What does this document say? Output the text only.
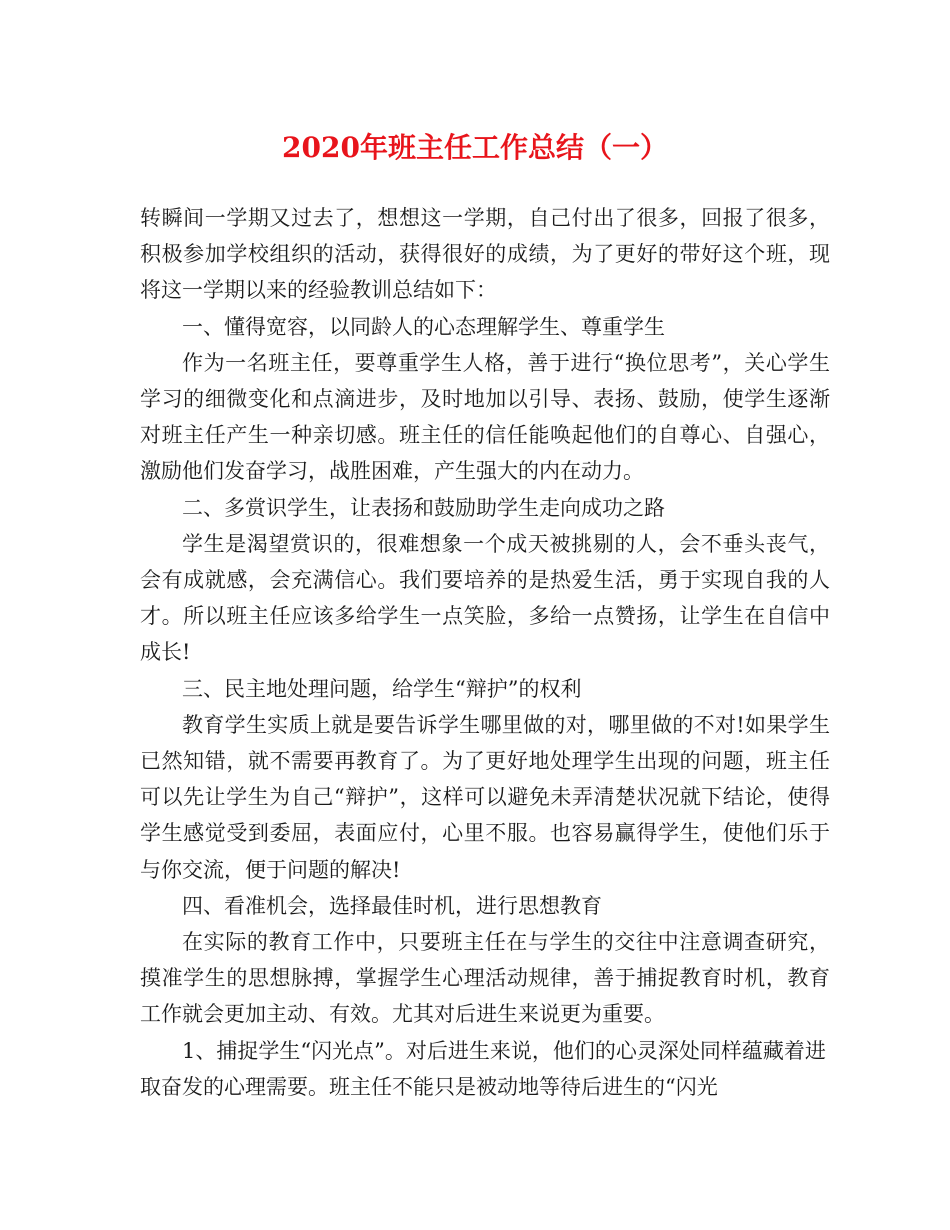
2020年班主任工作总结（一）

转瞬间一学期又过去了，想想这一学期，自己付出了很多，回报了很多，积极参加学校组织的活动，获得很好的成绩，为了更好的带好这个班，现将这一学期以来的经验教训总结如下：

一、懂得宽容，以同龄人的心态理解学生、尊重学生

作为一名班主任，要尊重学生人格，善于进行“换位思考”，关心学生学习的细微变化和点滴进步，及时地加以引导、表扬、鼓励，使学生逐渐对班主任产生一种亲切感。班主任的信任能唤起他们的自尊心、自强心，激励他们发奋学习，战胜困难，产生强大的内在动力。

二、多赏识学生，让表扬和鼓励助学生走向成功之路

学生是渴望赏识的，很难想象一个成天被挑剔的人，会不垂头丧气，会有成就感，会充满信心。我们要培养的是热爱生活，勇于实现自我的人才。所以班主任应该多给学生一点笑脸，多给一点赞扬，让学生在自信中成长!

三、民主地处理问题，给学生“辩护”的权利

教育学生实质上就是要告诉学生哪里做的对，哪里做的不对!如果学生已然知错，就不需要再教育了。为了更好地处理学生出现的问题，班主任可以先让学生为自己“辩护”，这样可以避免未弄清楚状况就下结论，使得学生感觉受到委屈，表面应付，心里不服。也容易赢得学生，使他们乐于与你交流，便于问题的解决!

四、看准机会，选择最佳时机，进行思想教育

在实际的教育工作中，只要班主任在与学生的交往中注意调查研究，摸准学生的思想脉搏，掌握学生心理活动规律，善于捕捉教育时机，教育工作就会更加主动、有效。尤其对后进生来说更为重要。

1、捕捉学生“闪光点”。对后进生来说，他们的心灵深处同样蕴藏着进取奋发的心理需要。班主任不能只是被动地等待后进生的“闪光
